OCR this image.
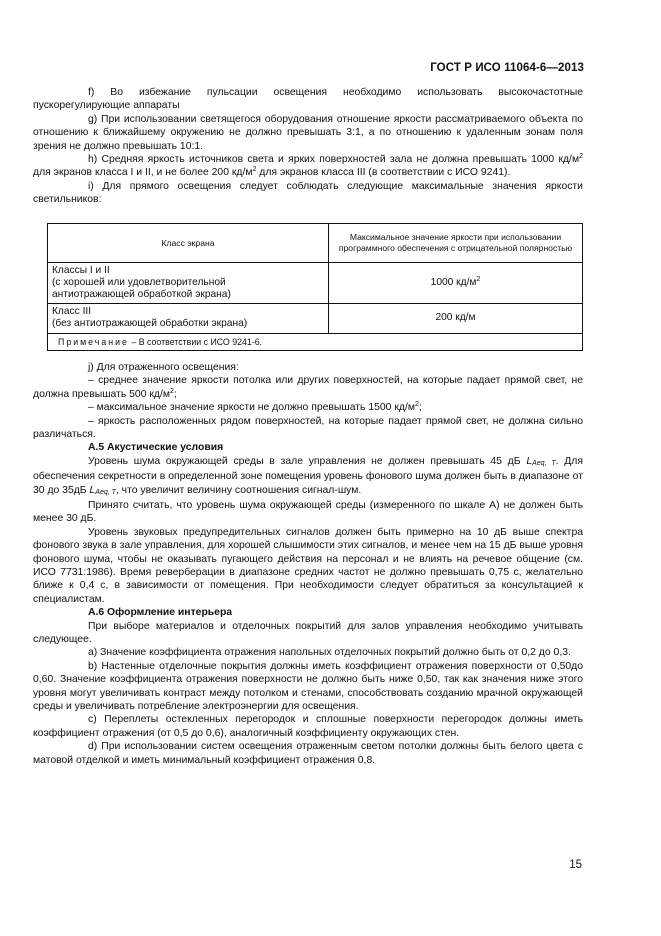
ГОСТ Р ИСО 11064-6—2013

f) Во избежание пульсации освещения необходимо использовать высокочастотные пускорегулирующие аппараты

g) При использовании светящегося оборудования отношение яркости рассматриваемого объекта по отношению к ближайшему окружению не должно превышать 3:1, а по отношению к удаленным зонам поля зрения не должно превышать 10:1.

h) Средняя яркость источников света и ярких поверхностей зала не должна превышать 1000 $кд/м^2$ для экранов класса I и II, и не более 200 $кд/м^2$ для экранов класса III (в соответствии с ИСО 9241).

i) Для прямого освещения следует соблюдать следующие максимальные значения яркости светильников:

Класс экрана	Максимальное значение яркости при использовании программного обеспечения с отрицательной полярностью

Классы I и II
(с хорошей или удовлетворительной
антиотражающей обработкой экрана)	1000 $кд/м^2$

Класс III
(без антиотражающей обработки экрана)	200 кд/м
Примечание – В соответствии с ИСО 9241-6.	

j) Для отраженного освещения:

– среднее значение яркости потолка или других поверхностей, на которые падает прямой свет, не должна превышать 500 $кд/м^2$;

– максимальное значение яркости не должно превышать 1500 $кд/м^2$;

– яркость расположенных рядом поверхностей, на которые падает прямой свет, не должна сильно различаться.

А.5 Акустические условия

Уровень шума окружающей среды в зале управления не должен превышать 45 дБ LAeq, T. Для обеспечения секретности в определенной зоне помещения уровень фонового шума должен быть в диапазоне от 30 до 35дБ LAeq, T, что увеличит величину соотношения сигнал-шум.

Принято считать, что уровень шума окружающей среды (измеренного по шкале А) не должен быть менее 30 дБ.

Уровень звуковых предупредительных сигналов должен быть примерно на 10 дБ выше спектра фонового звука в зале управления, для хорошей слышимости этих сигналов, и менее чем на 15 дБ выше уровня фонового шума, чтобы не оказывать пугающего действия на персонал и не влиять на речевое общение (см. ИСО 7731:1986). Время реверберации в диапазоне средних частот не должно превышать 0,75 с, желательно ближе к 0,4 с, в зависимости от помещения. При необходимости следует обратиться за консультацией к специалистам.

А.6 Оформление интерьера

При выборе материалов и отделочных покрытий для залов управления необходимо учитывать следующее.

а) Значение коэффициента отражения напольных отделочных покрытий должно быть от 0,2 до 0,3.

b) Настенные отделочные покрытия должны иметь коэффициент отражения поверхности от 0,50до 0,60. Значение коэффициента отражения поверхности не должно быть ниже 0,50, так как значения ниже этого уровня могут увеличивать контраст между потолком и стенами, способствовать созданию мрачной окружающей среды и увеличивать потребление электроэнергии для освещения.

c) Переплеты остекленных перегородок и сплошные поверхности перегородок должны иметь коэффициент отражения (от 0,5 до 0,6), аналогичный коэффициенту окружающих стен.

d) При использовании систем освещения отраженным светом потолки должны быть белого цвета с матовой отделкой и иметь минимальный коэффициент отражения 0,8.

15
